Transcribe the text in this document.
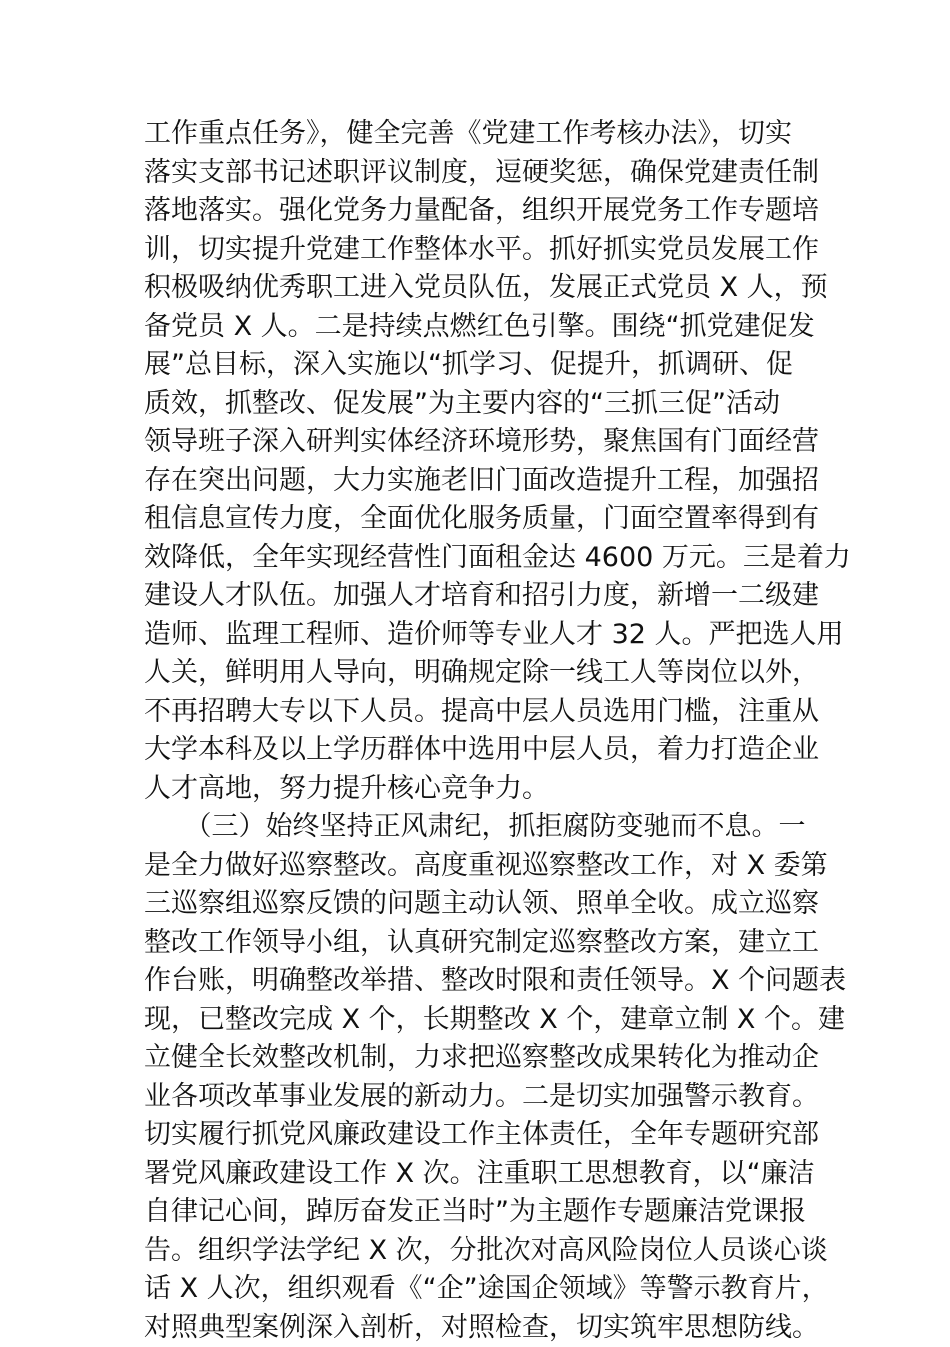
工作重点任务》，健全完善《党建工作考核办法》，切实
落实支部书记述职评议制度，逗硬奖惩，确保党建责任制
落地落实。强化党务力量配备，组织开展党务工作专题培
训，切实提升党建工作整体水平。抓好抓实党员发展工作
积极吸纳优秀职工进入党员队伍，发展正式党员 X 人，预
备党员 X 人。二是持续点燃红色引擎。围绕“抓党建促发
展”总目标，深入实施以“抓学习、促提升，抓调研、促
质效，抓整改、促发展”为主要内容的“三抓三促”活动
领导班子深入研判实体经济环境形势，聚焦国有门面经营
存在突出问题，大力实施老旧门面改造提升工程，加强招
租信息宣传力度，全面优化服务质量，门面空置率得到有
效降低，全年实现经营性门面租金达 4600 万元。三是着力
建设人才队伍。加强人才培育和招引力度，新增一二级建
造师、监理工程师、造价师等专业人才 32 人。严把选人用
人关，鲜明用人导向，明确规定除一线工人等岗位以外，
不再招聘大专以下人员。提高中层人员选用门槛，注重从
大学本科及以上学历群体中选用中层人员，着力打造企业
人才高地，努力提升核心竞争力。
　　（三）始终坚持正风肃纪，抓拒腐防变驰而不息。一
是全力做好巡察整改。高度重视巡察整改工作，对 X 委第
三巡察组巡察反馈的问题主动认领、照单全收。成立巡察
整改工作领导小组，认真研究制定巡察整改方案，建立工
作台账，明确整改举措、整改时限和责任领导。X 个问题表
现，已整改完成 X 个，长期整改 X 个，建章立制 X 个。建
立健全长效整改机制，力求把巡察整改成果转化为推动企
业各项改革事业发展的新动力。二是切实加强警示教育。
切实履行抓党风廉政建设工作主体责任，全年专题研究部
署党风廉政建设工作 X 次。注重职工思想教育，以“廉洁
自律记心间，踔厉奋发正当时”为主题作专题廉洁党课报
告。组织学法学纪 X 次，分批次对高风险岗位人员谈心谈
话 X 人次，组织观看《“企”途国企领域》等警示教育片，
对照典型案例深入剖析，对照检查，切实筑牢思想防线。
